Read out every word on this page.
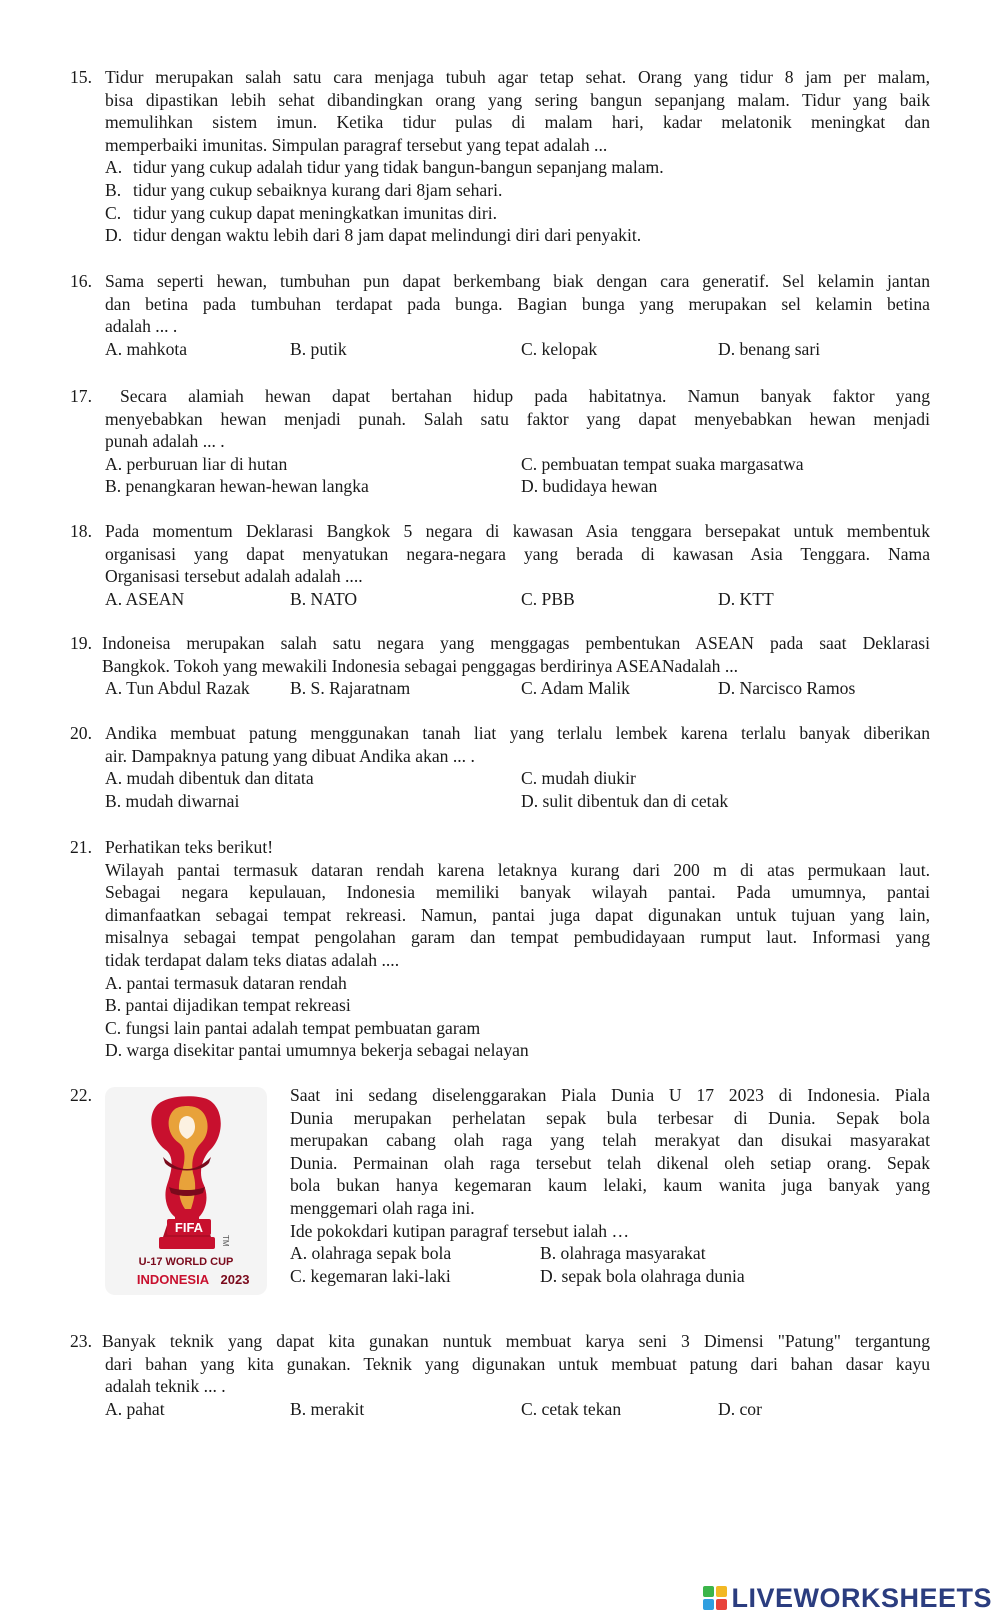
15. Tidur merupakan salah satu cara menjaga tubuh agar tetap sehat. Orang yang tidur 8 jam per malam,
bisa dipastikan lebih sehat dibandingkan orang yang sering bangun sepanjang malam. Tidur yang baik
memulihkan sistem imun. Ketika tidur pulas di malam hari, kadar melatonik meningkat dan
memperbaiki imunitas. Simpulan paragraf tersebut yang tepat adalah ...
A. tidur yang cukup adalah tidur yang tidak bangun-bangun sepanjang malam.
B. tidur yang cukup sebaiknya kurang dari 8jam sehari.
C. tidur yang cukup dapat meningkatkan imunitas diri.
D. tidur dengan waktu lebih dari 8 jam dapat melindungi diri dari penyakit.
16. Sama seperti hewan, tumbuhan pun dapat berkembang biak dengan cara generatif. Sel kelamin jantan
dan betina pada tumbuhan terdapat pada bunga. Bagian bunga yang merupakan sel kelamin betina
adalah ... .
A. mahkota	B. putik	C. kelopak	D. benang sari
17.	Secara alamiah hewan dapat bertahan hidup pada habitatnya. Namun banyak faktor yang
menyebabkan hewan menjadi punah. Salah satu faktor yang dapat menyebabkan hewan menjadi
punah adalah ... .
A. perburuan liar di hutan	C. pembuatan tempat suaka margasatwa
B. penangkaran hewan-hewan langka	D. budidaya hewan
18. Pada momentum Deklarasi Bangkok 5 negara di kawasan Asia tenggara bersepakat untuk membentuk
organisasi yang dapat menyatukan negara-negara yang berada di kawasan Asia Tenggara. Nama
Organisasi tersebut adalah adalah ....
A. ASEAN	B. NATO	C. PBB	D. KTT
19. Indoneisa merupakan salah satu negara yang menggagas pembentukan ASEAN pada saat Deklarasi
Bangkok. Tokoh yang mewakili Indonesia sebagai penggagas berdirinya ASEANadalah ...
A. Tun Abdul Razak B. S. Rajaratnam	C. Adam Malik	D. Narcisco Ramos
20. Andika membuat patung menggunakan tanah liat yang terlalu lembek karena terlalu banyak diberikan
air. Dampaknya patung yang dibuat Andika akan ... .
A. mudah dibentuk dan ditata	C. mudah diukir
B. mudah diwarnai	D. sulit dibentuk dan di cetak
21. Perhatikan teks berikut!
Wilayah pantai termasuk dataran rendah karena letaknya kurang dari 200 m di atas permukaan laut.
Sebagai negara kepulauan, Indonesia memiliki banyak wilayah pantai. Pada umumnya, pantai
dimanfaatkan sebagai tempat rekreasi. Namun, pantai juga dapat digunakan untuk tujuan yang lain,
misalnya sebagai tempat pengolahan garam dan tempat pembudidayaan rumput laut. Informasi yang
tidak terdapat dalam teks diatas adalah ....
A. pantai termasuk dataran rendah
B. pantai dijadikan tempat rekreasi
C. fungsi lain pantai adalah tempat pembuatan garam
D. warga disekitar pantai umumnya bekerja sebagai nelayan
22.
FIFA
TM
U-17 WORLD CUP
INDONESIA 2023
Saat ini sedang diselenggarakan Piala Dunia U 17 2023 di Indonesia. Piala
Dunia merupakan perhelatan sepak bula terbesar di Dunia. Sepak bola
merupakan cabang olah raga yang telah merakyat dan disukai masyarakat
Dunia. Permainan olah raga tersebut telah dikenal oleh setiap orang. Sepak
bola bukan hanya kegemaran kaum lelaki, kaum wanita juga banyak yang
menggemari olah raga ini.
Ide pokokdari kutipan paragraf tersebut ialah …
A. olahraga sepak bola	B. olahraga masyarakat
C. kegemaran laki-laki	D. sepak bola olahraga dunia
23. Banyak teknik yang dapat kita gunakan nuntuk membuat karya seni 3 Dimensi "Patung" tergantung
dari bahan yang kita gunakan. Teknik yang digunakan untuk membuat patung dari bahan dasar kayu
adalah teknik ... .
A. pahat	B. merakit	C. cetak tekan	D. cor
LIVEWORKSHEETS
